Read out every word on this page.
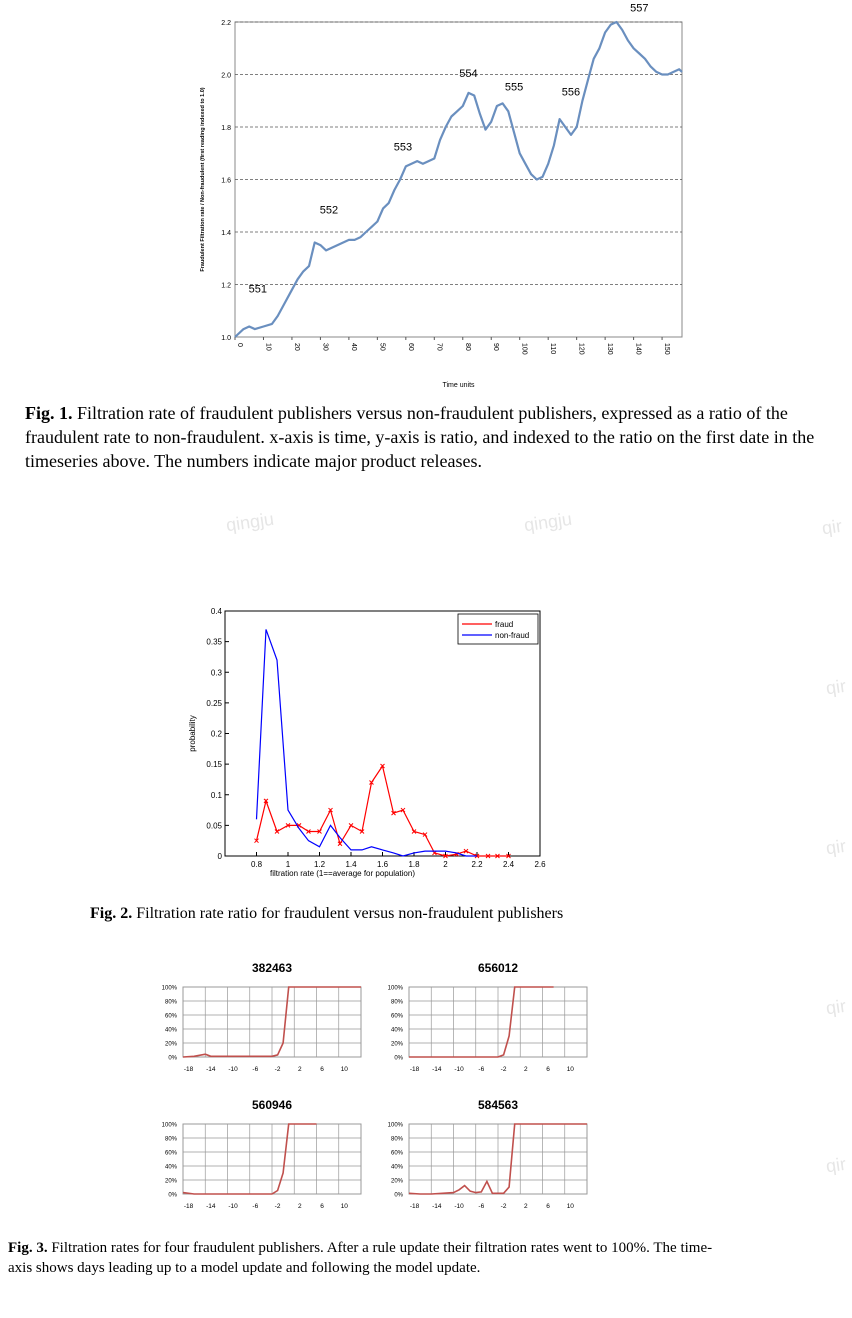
qingju	qingju	qir
qir
qir
qir
qir
1.0
1.2
1.4
1.6
1.8
2.0
2.2
0	10	20	30	40	50	60	70	80	90	100	110	120	130	140	150
Time units
Fraudulent Filtration rate / Non-fraudulent (first reading indexed to 1.0)
551
552
553
554
555	556
557
Fig. 1. Filtration rate of fraudulent publishers versus non-fraudulent publishers, expressed as a ratio of the fraudulent rate to non-fraudulent. x-axis is time, y-axis is ratio, and indexed to the ratio on the first date in the timeseries above. The numbers indicate major product releases.
0
0.05
0.1
0.15
0.2
0.25
0.3
0.35
0.4
0.8	1	1.2	1.4	1.6	1.8	2	2.2	2.4	2.6
filtration rate (1==average for population)
probability
fraud
non-fraud
Fig. 2. Filtration rate ratio for fraudulent versus non-fraudulent publishers
382463
0%
20%
40%
60%
80%
100%
-18 -14 -10 -6	-2	2	6	10
656012
0%
20%
40%
60%
80%
100%
-18 -14 -10 -6	-2	2	6	10
560946
0%
20%
40%
60%
80%
100%
-18 -14 -10 -6	-2	2	6	10
584563
0%
20%
40%
60%
80%
100%
-18 -14 -10 -6	-2	2	6	10
Fig. 3. Filtration rates for four fraudulent publishers. After a rule update their filtration rates went to 100%. The time-axis shows days leading up to a model update and following the model update.
